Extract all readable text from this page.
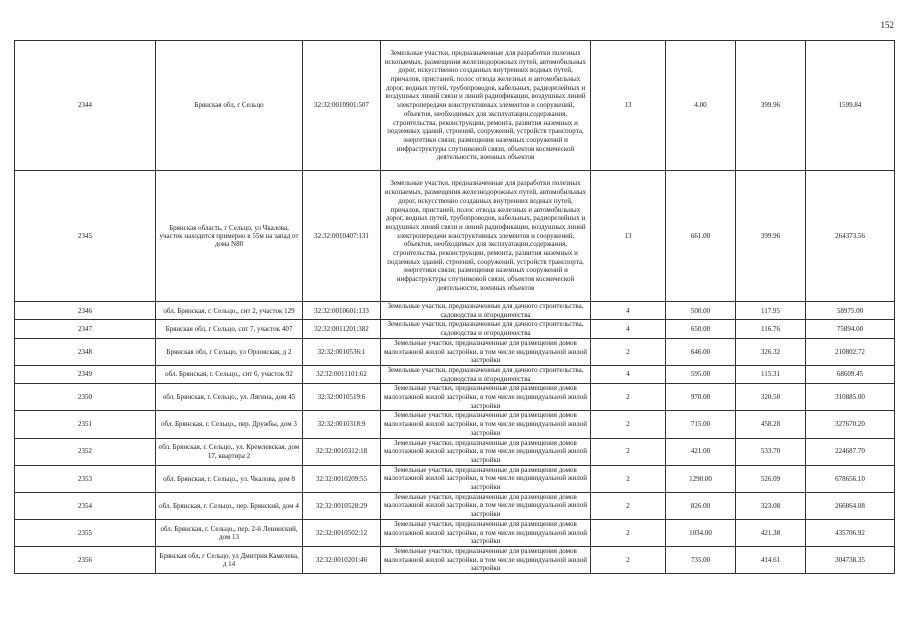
152
2344	Брянская обл, г Сельцо	32:32:0010901:507	Земельные участки, предназначенные для разработки полезных ископаемых, размещения железнодорожных путей, автомобильных дорог, искусственно созданных внутренних водных путей, причалов, пристаней, полос отвода железных и автомобильных дорог, водных путей, трубопроводов, кабельных, радиорелейных и воздушных линий связи и линий радиофикации, воздушных линий электропередачи конструктивных элементов и сооружений, объектов, необходимых для эксплуатации,содержания, строительства, реконструкции, ремонта, развития наземных и подземных зданий, строений, сооружений, устройств транспорта, энергетики связи; размещения наземных сооружений и инфраструктуры спутниковой связи, объектов космической деятельности, военных объектов	13	4.00	399.96	1599.84
2345	Брянская область, г Сельцо, ул Чкалова, участок находится примерно в 55м на запад от дома N80	32:32:0010407:131	Земельные участки, предназначенные для разработки полезных ископаемых, размещения железнодорожных путей, автомобильных дорог, искусственно созданных внутренних водных путей, причалов, пристаней, полос отвода железных и автомобильных дорог, водных путей, трубопроводов, кабельных, радиорелейных и воздушных линий связи и линий радиофикации, воздушных линий электропередачи конструктивных элементов и сооружений, объектов, необходимых для эксплуатации,содержания, строительства, реконструкции, ремонта, развития наземных и подземных зданий, строений, сооружений, устройств транспорта, энергетики связи; размещения наземных сооружений и инфраструктуры спутниковой связи, объектов космической деятельности, военных объектов	13	661.00	399.96	264373.56
2346	обл. Брянская, г. Сельцо,, снт 2, участок 129	32:32:0010601:133	Земельные участки, предназначенные для дачного строительства, садоводства и огородничества	4	500.00	117.95	58975.00
2347	Брянская обл, г Сельцо, снт 7, участок 407	32:32:0011201:382	Земельные участки, предназначенные для дачного строительства, садоводства и огородничества	4	650.00	116.76	75894.00
2348	Брянская обл, г Сельцо, ул Орловская, д 2	32:32:0010536:1	Земельные участки, предназначенные для размещения домов малоэтажной жилой застройки, в том числе индивидуальной жилой застройки	2	646.00	326.32	210802.72
2349	обл. Брянская, г. Сельцо,, снт 6, участок 92	32:32:0011101:62	Земельные участки, предназначенные для дачного строительства, садоводства и огородничества	4	595.00	115.31	68609.45
2350	обл. Брянская, г. Сельцо,, ул. Лягина, дом 45	32:32:0010519:6	Земельные участки, предназначенные для размещения домов малоэтажной жилой застройки, в том числе индивидуальной жилой застройки	2	970.00	320.50	310885.00
2351	обл. Брянская, г. Сельцо,, пер. Дружбы, дом 3	32:32:0010318:9	Земельные участки, предназначенные для размещения домов малоэтажной жилой застройки, в том числе индивидуальной жилой застройки	2	715.00	458.28	327670.20
2352	обл. Брянская, г. Сельцо,, ул. Кремлевская, дом 17, квартира 2	32:32:0010312:18	Земельные участки, предназначенные для размещения домов малоэтажной жилой застройки, в том числе индивидуальной жилой застройки	2	421.00	533.70	224687.70
2353	обл. Брянская, г. Сельцо,, ул. Чкалова, дом 8	32:32:0010209:55	Земельные участки, предназначенные для размещения домов малоэтажной жилой застройки, в том числе индивидуальной жилой застройки	2	1290.00	526.09	678656.10
2354	обл. Брянская, г. Сельцо,, пер. Брянский, дом 4	32:32:0010528:29	Земельные участки, предназначенные для размещения домов малоэтажной жилой застройки, в том числе индивидуальной жилой застройки	2	826.00	323.08	266864.08
2355	обл. Брянская, г. Сельцо,, пер. 2-й Ленинский, дом 13	32:32:0010502:12	Земельные участки, предназначенные для размещения домов малоэтажной жилой застройки, в том числе индивидуальной жилой застройки	2	1034.00	421.38	435706.92
2356	Брянская обл, г Сельцо, ул Дмитрия Камелева, д 14	32:32:0010201:46	Земельные участки, предназначенные для размещения домов малоэтажной жилой застройки, в том числе индивидуальной жилой застройки	2	735.00	414.61	304738.35
